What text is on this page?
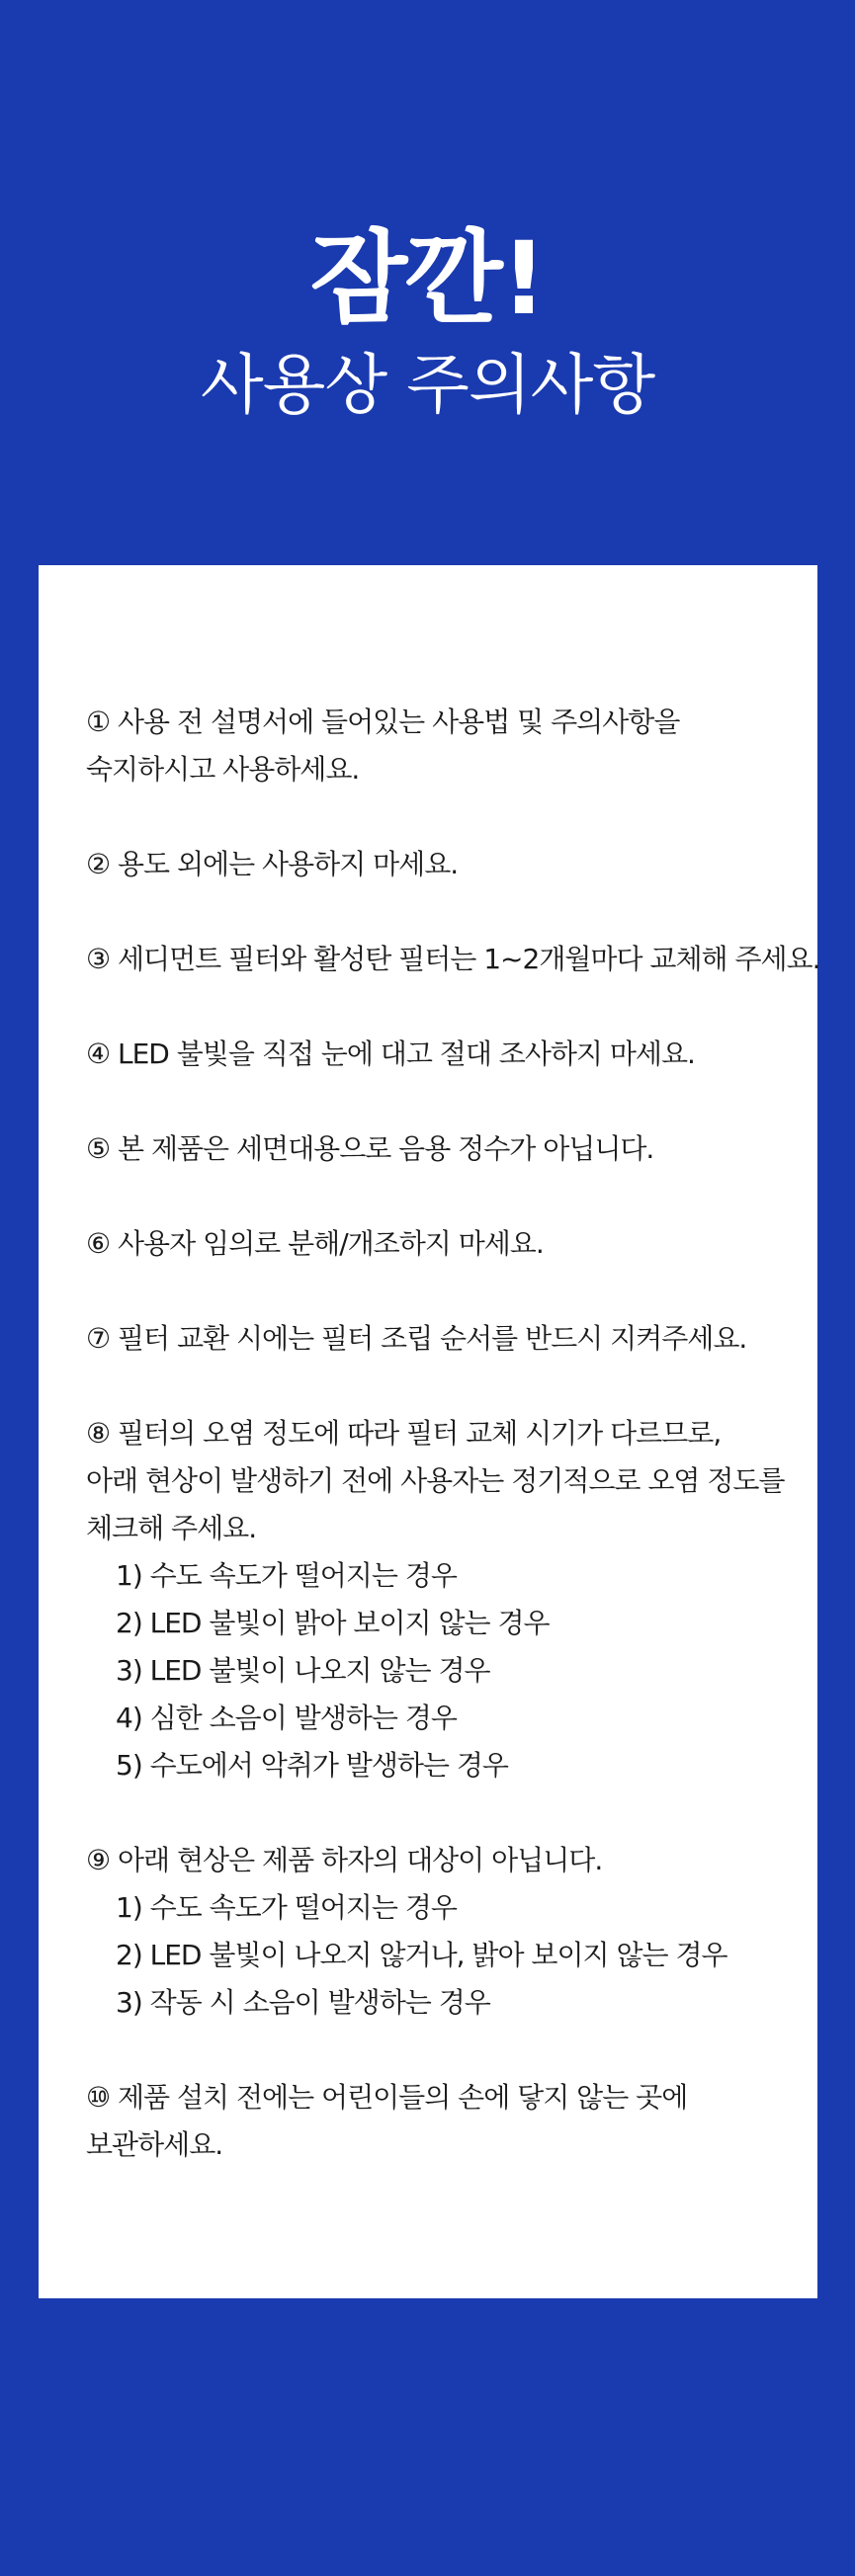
잠깐!
사용상 주의사항

① 사용 전 설명서에 들어있는 사용법 및 주의사항을

숙지하시고 사용하세요.

② 용도 외에는 사용하지 마세요.

③ 세디먼트 필터와 활성탄 필터는 1~2개월마다 교체해 주세요.

④ LED 불빛을 직접 눈에 대고 절대 조사하지 마세요.

⑤ 본 제품은 세면대용으로 음용 정수가 아닙니다.

⑥ 사용자 임의로 분해/개조하지 마세요.

⑦ 필터 교환 시에는 필터 조립 순서를 반드시 지켜주세요.

⑧ 필터의 오염 정도에 따라 필터 교체 시기가 다르므로,

아래 현상이 발생하기 전에 사용자는 정기적으로 오염 정도를

체크해 주세요.

1) 수도 속도가 떨어지는 경우

2) LED 불빛이 밝아 보이지 않는 경우

3) LED 불빛이 나오지 않는 경우

4) 심한 소음이 발생하는 경우

5) 수도에서 악취가 발생하는 경우

⑨ 아래 현상은 제품 하자의 대상이 아닙니다.

1) 수도 속도가 떨어지는 경우

2) LED 불빛이 나오지 않거나, 밝아 보이지 않는 경우

3) 작동 시 소음이 발생하는 경우

⑩ 제품 설치 전에는 어린이들의 손에 닿지 않는 곳에

보관하세요.
